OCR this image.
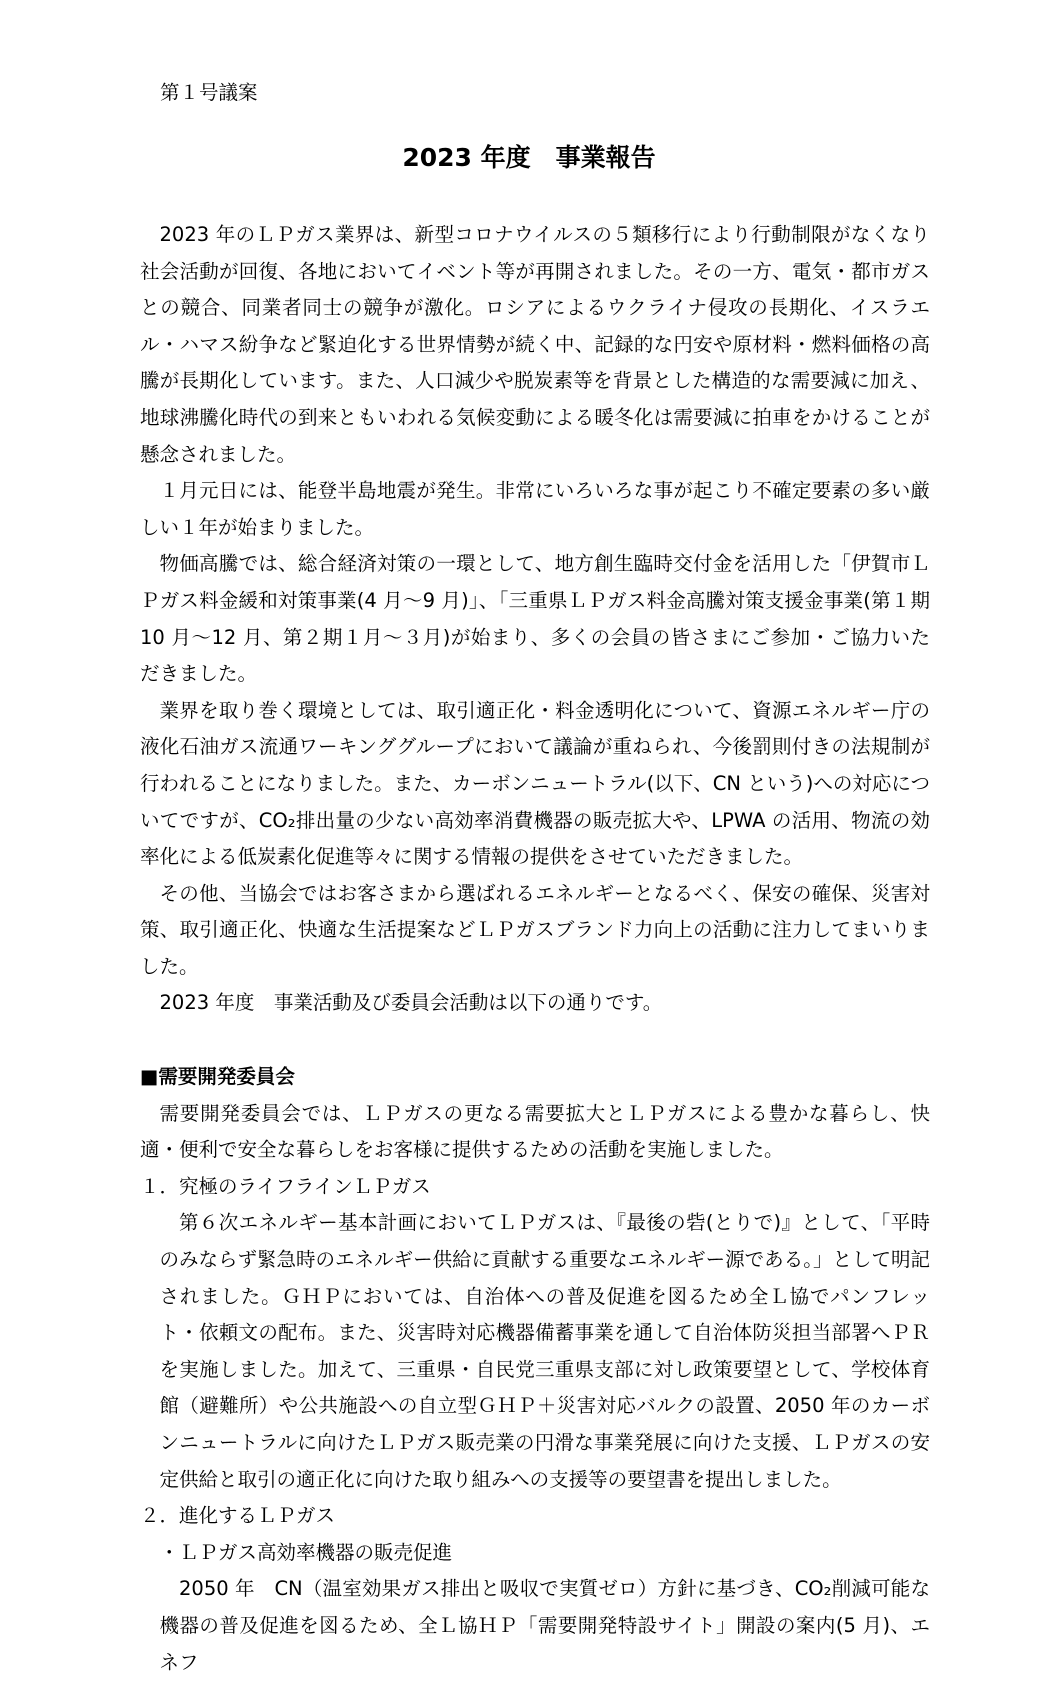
第１号議案
2023 年度　事業報告

2023 年のＬＰガス業界は、新型コロナウイルスの５類移行により行動制限がなくなり社会活動が回復、各地においてイベント等が再開されました。その一方、電気・都市ガスとの競合、同業者同士の競争が激化。ロシアによるウクライナ侵攻の長期化、イスラエル・ハマス紛争など緊迫化する世界情勢が続く中、記録的な円安や原材料・燃料価格の高騰が長期化しています。また、人口減少や脱炭素等を背景とした構造的な需要減に加え、地球沸騰化時代の到来ともいわれる気候変動による暖冬化は需要減に拍車をかけることが懸念されました。

１月元日には、能登半島地震が発生。非常にいろいろな事が起こり不確定要素の多い厳しい１年が始まりました。

物価高騰では、総合経済対策の一環として、地方創生臨時交付金を活用した「伊賀市ＬＰガス料金緩和対策事業(4 月～9 月)」、「三重県ＬＰガス料金高騰対策支援金事業(第１期 10 月～12 月、第２期１月～３月)が始まり、多くの会員の皆さまにご参加・ご協力いただきました。

業界を取り巻く環境としては、取引適正化・料金透明化について、資源エネルギー庁の液化石油ガス流通ワーキンググループにおいて議論が重ねられ、今後罰則付きの法規制が行われることになりました。また、カーボンニュートラル(以下、CN という)への対応についてですが、CO₂排出量の少ない高効率消費機器の販売拡大や、LPWA の活用、物流の効率化による低炭素化促進等々に関する情報の提供をさせていただきました。

その他、当協会ではお客さまから選ばれるエネルギーとなるべく、保安の確保、災害対策、取引適正化、快適な生活提案などＬＰガスブランド力向上の活動に注力してまいりました。

2023 年度　事業活動及び委員会活動は以下の通りです。

■需要開発委員会

需要開発委員会では、ＬＰガスの更なる需要拡大とＬＰガスによる豊かな暮らし、快適・便利で安全な暮らしをお客様に提供するための活動を実施しました。

１．究極のライフラインＬＰガス
第６次エネルギー基本計画においてＬＰガスは、『最後の砦(とりで)』として、「平時のみならず緊急時のエネルギー供給に貢献する重要なエネルギー源である。」として明記されました。ＧＨＰにおいては、自治体への普及促進を図るため全Ｌ協でパンフレット・依頼文の配布。また、災害時対応機器備蓄事業を通して自治体防災担当部署へＰＲを実施しました。加えて、三重県・自民党三重県支部に対し政策要望として、学校体育館（避難所）や公共施設への自立型ＧＨＰ＋災害対応バルクの設置、2050 年のカーボンニュートラルに向けたＬＰガス販売業の円滑な事業発展に向けた支援、ＬＰガスの安定供給と取引の適正化に向けた取り組みへの支援等の要望書を提出しました。
２．進化するＬＰガス
・ＬＰガス高効率機器の販売促進
2050 年　CN（温室効果ガス排出と吸収で実質ゼロ）方針に基づき、CO₂削減可能な機器の普及促進を図るため、全Ｌ協ＨＰ「需要開発特設サイト」開設の案内(5 月)、エネフ
